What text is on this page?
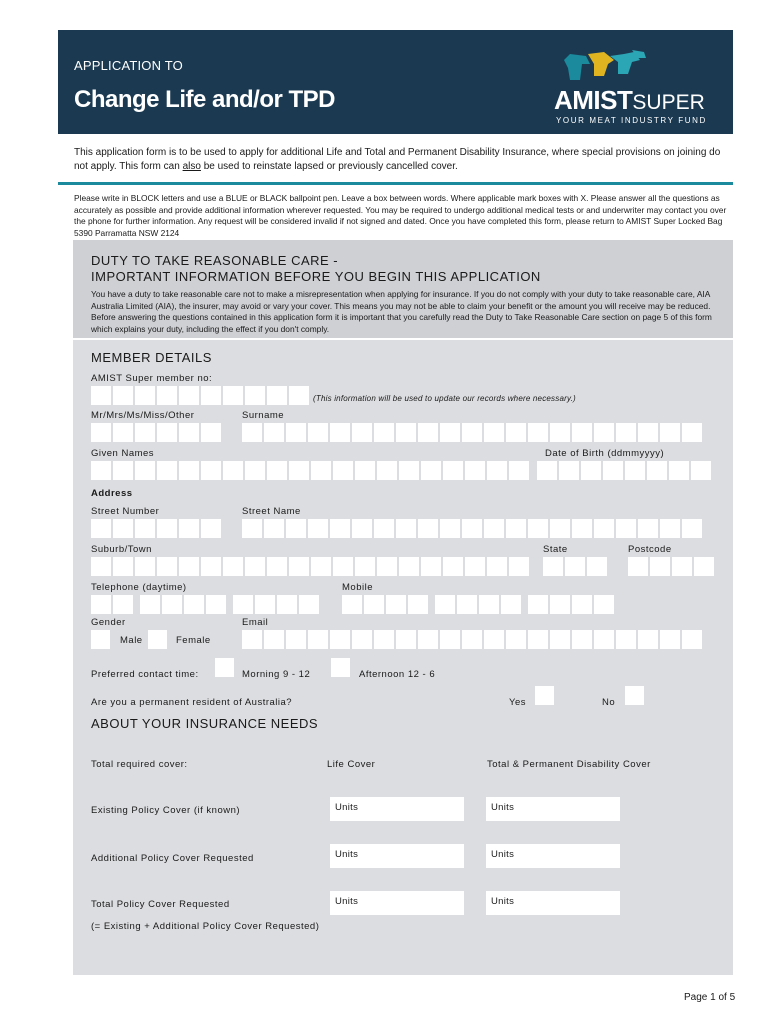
APPLICATION TO
Change Life and/or TPD	AMISTSUPER
YOUR MEAT INDUSTRY FUND
This application form is to be used to apply for additional Life and Total and Permanent Disability Insurance, where special provisions on joining do not apply. This form can also be used to reinstate lapsed or previously cancelled cover.
Please write in BLOCK letters and use a BLUE or BLACK ballpoint pen. Leave a box between words. Where applicable mark boxes with X. Please answer all the questions as accurately as possible and provide additional information wherever requested. You may be required to undergo additional medical tests or and underwriter may contact you over the phone for further information. Any request will be considered invalid if not signed and dated. Once you have completed this form, please return to AMIST Super Locked Bag 5390 Parramatta NSW 2124
DUTY TO TAKE REASONABLE CARE -
IMPORTANT INFORMATION BEFORE YOU BEGIN THIS APPLICATION

You have a duty to take reasonable care not to make a misrepresentation when applying for insurance. If you do not comply with your duty to take reasonable care, AIA Australia Limited (AIA), the insurer, may avoid or vary your cover. This means you may not be able to claim your benefit or the amount you will receive may be reduced. Before answering the questions contained in this application form it is important that you carefully read the Duty to Take Reasonable Care section on page 5 of this form which explains your duty, including the effect if you don't comply.

MEMBER DETAILS
AMIST Super member no:
(This information will be used to update our records where necessary.)
Mr/Mrs/Ms/Miss/Other	Surname
Given Names	Date of Birth (ddmmyyyy)
Address
Street Number	Street Name
Suburb/Town	State	Postcode
Telephone (daytime)	Mobile
Gender	Email
Male	Female
Preferred contact time:	Morning 9 - 12	Afternoon 12 - 6
Are you a permanent resident of Australia?	Yes	No
ABOUT YOUR INSURANCE NEEDS
Total required cover:	Life Cover	Total & Permanent Disability Cover
Existing Policy Cover (if known)	Units	Units
Additional Policy Cover Requested	Units	Units
Total Policy Cover Requested	Units	Units
(= Existing + Additional Policy Cover Requested)
Page 1 of 5
